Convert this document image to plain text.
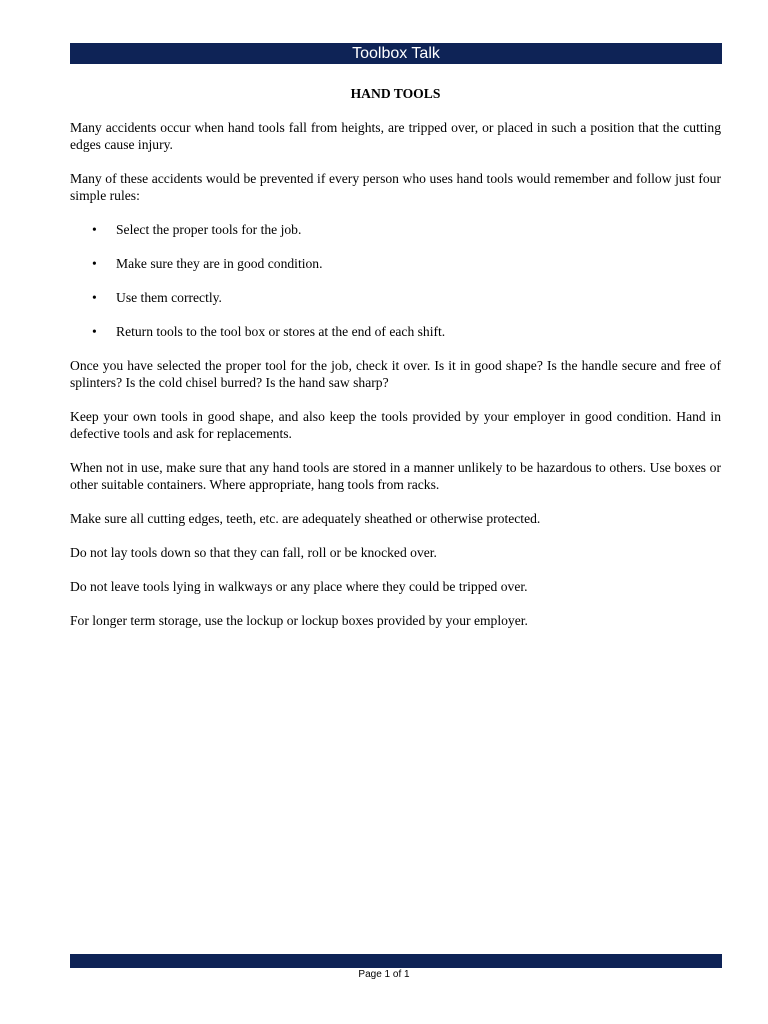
Toolbox Talk
HAND TOOLS

Many accidents occur when hand tools fall from heights, are tripped over, or placed in such a position that the cutting edges cause injury.

Many of these accidents would be prevented if every person who uses hand tools would remember and follow just four simple rules:

• Select the proper tools for the job.
• Make sure they are in good condition.
• Use them correctly.
• Return tools to the tool box or stores at the end of each shift.

Once you have selected the proper tool for the job, check it over. Is it in good shape? Is the handle secure and free of splinters? Is the cold chisel burred? Is the hand saw sharp?

Keep your own tools in good shape, and also keep the tools provided by your employer in good condition. Hand in defective tools and ask for replacements.

When not in use, make sure that any hand tools are stored in a manner unlikely to be hazardous to others. Use boxes or other suitable containers. Where appropriate, hang tools from racks.

Make sure all cutting edges, teeth, etc. are adequately sheathed or otherwise protected.

Do not lay tools down so that they can fall, roll or be knocked over.

Do not leave tools lying in walkways or any place where they could be tripped over.

For longer term storage, use the lockup or lockup boxes provided by your employer.

Page 1 of 1
